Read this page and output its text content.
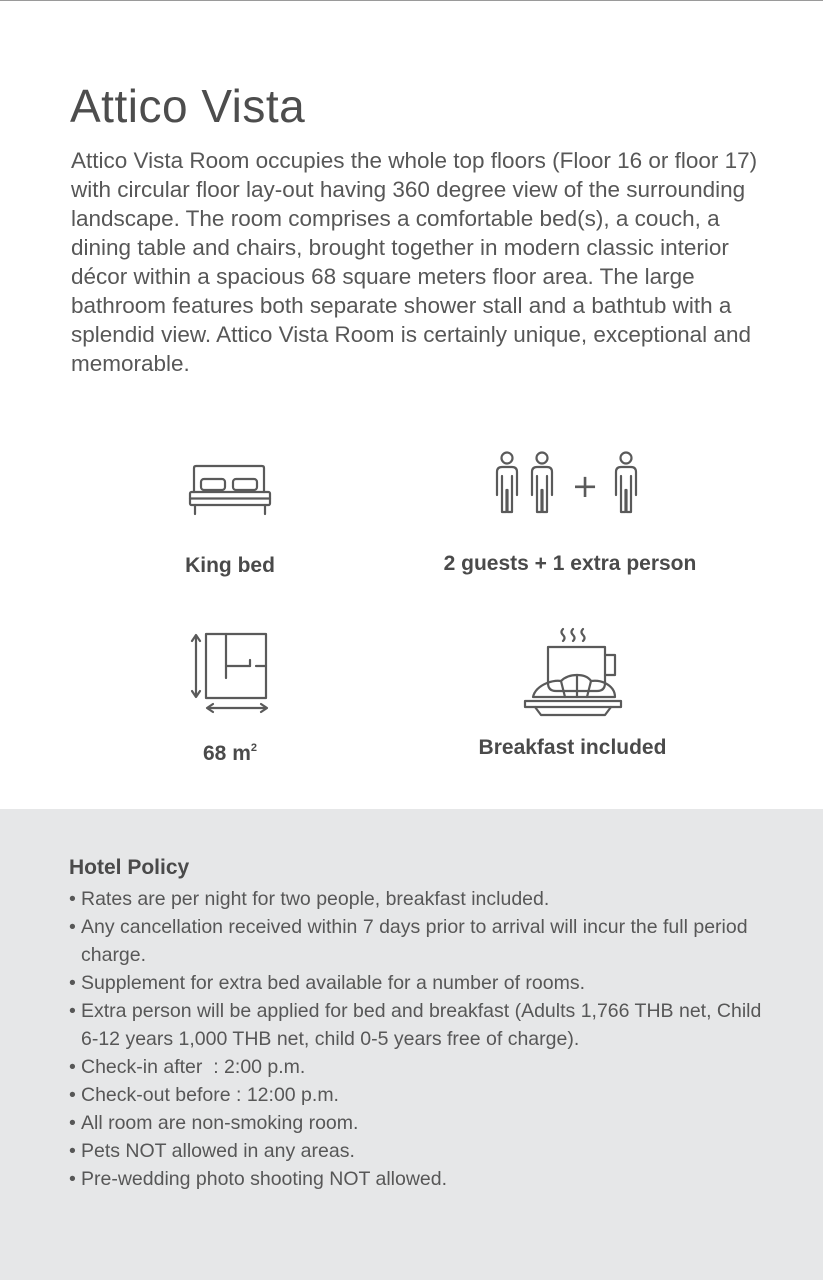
Attico Vista

Attico Vista Room occupies the whole top floors (Floor 16 or floor 17) with circular floor lay-out having 360 degree view of the surrounding landscape. The room comprises a comfortable bed(s), a couch, a dining table and chairs, brought together in modern classic interior décor within a spacious 68 square meters floor area. The large bathroom features both separate shower stall and a bathtub with a splendid view. Attico Vista Room is certainly unique, exceptional and memorable.

King bed
+
2 guests + 1 extra person
68 $m^2$	Breakfast included
Hotel Policy
• Rates are per night for two people, breakfast included.
• Any cancellation received within 7 days prior to arrival will incur the full period charge.
• Supplement for extra bed available for a number of rooms.
• Extra person will be applied for bed and breakfast (Adults 1,766 THB net, Child 6-12 years 1,000 THB net, child 0-5 years free of charge).
• Check-in after  : 2:00 p.m.
• Check-out before : 12:00 p.m.
• All room are non-smoking room.
• Pets NOT allowed in any areas.
• Pre-wedding photo shooting NOT allowed.
